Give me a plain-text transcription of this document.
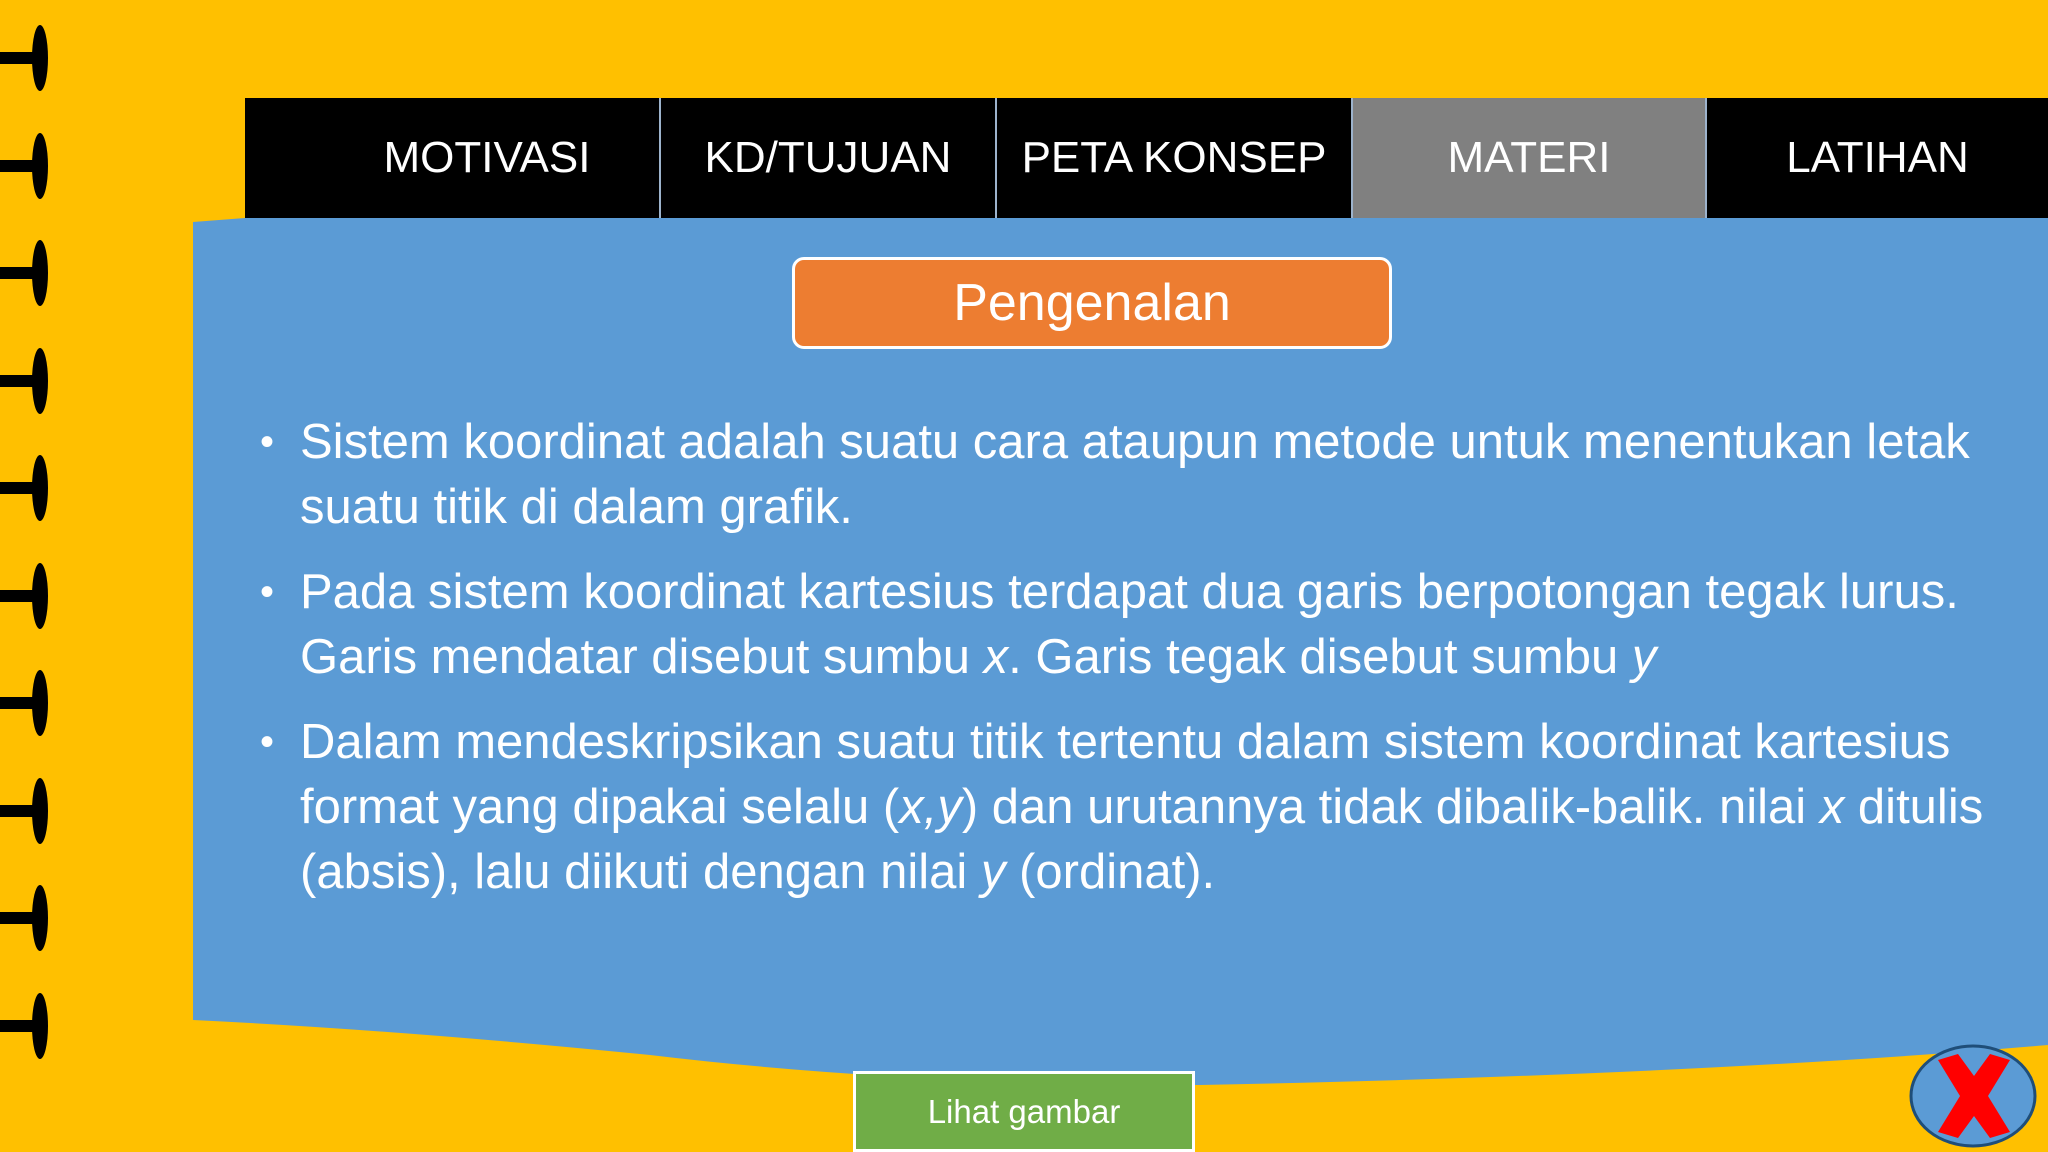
MOTIVASI	KD/TUJUAN PETA KONSEP	MATERI	LATIHAN
Pengenalan
• Sistem koordinat adalah suatu cara ataupun metode untuk menentukan letak suatu titik di dalam grafik.
• Pada sistem koordinat kartesius terdapat dua garis berpotongan tegak lurus. Garis mendatar disebut sumbu x. Garis tegak disebut sumbu y
• Dalam mendeskripsikan suatu titik tertentu dalam sistem koordinat kartesius format yang dipakai selalu (x,y) dan urutannya tidak dibalik-balik. nilai x ditulis (absis), lalu diikuti dengan nilai y (ordinat).
Lihat gambar
